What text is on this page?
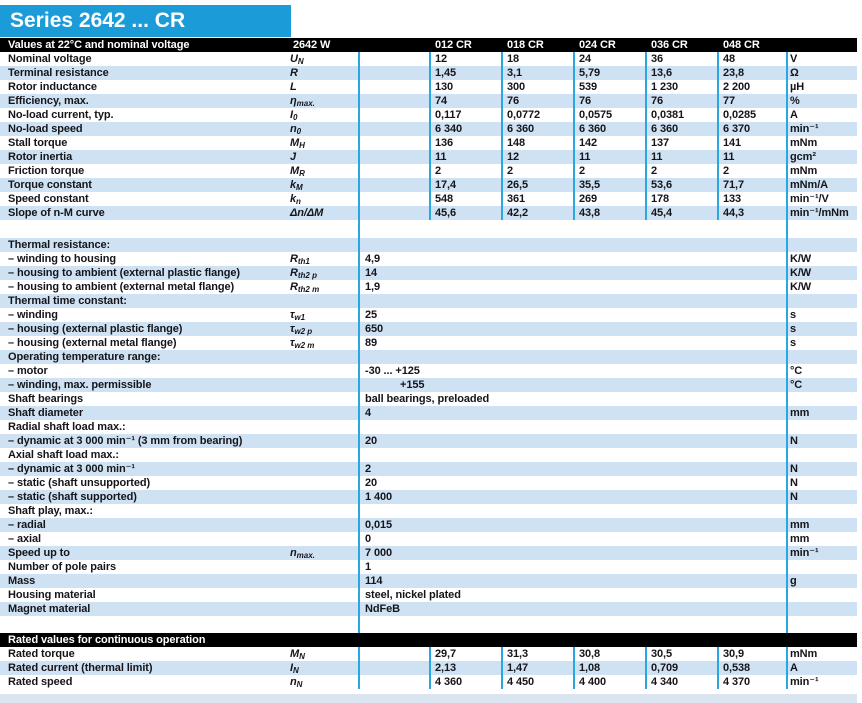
Series 2642 ... CR
Values at 22°C and nominal voltage	2642 W	012 CR	018 CR	024 CR	036 CR	048 CR
Nominal voltage	$U_N$	12	18	24	36	48	V
Terminal resistance	R	1,45	3,1	5,79	13,6	23,8	Ω
Rotor inductance	L	130	300	539	1 230	2 200	µH
Efficiency, max.	$\eta_{max.}$	74	76	76	76	77	%
No-load current, typ.	$I_0$	0,117	0,0772	0,0575	0,0381	0,0285	A
No-load speed	$n_0$	6 340	6 360	6 360	6 360	6 370	min⁻¹
Stall torque	$M_H$	136	148	142	137	141	mNm
Rotor inertia	J	11	12	11	11	11	gcm²
Friction torque	$M_R$	2	2	2	2	2	mNm
Torque constant	$k_M$	17,4	26,5	35,5	53,6	71,7	mNm/A
Speed constant	$k_n$	548	361	269	178	133	min⁻¹/V
Slope of n-M curve	Δn/ΔM	45,6	42,2	43,8	45,4	44,3	min⁻¹/mNm
Thermal resistance:
– winding to housing	$R_{th1}$	4,9	K/W
– housing to ambient (external plastic flange)	$R_{th2 p}$	14	K/W
– housing to ambient (external metal flange)	$R_{th2 m}$	1,9	K/W
Thermal time constant:
– winding	$\tau_{w1}$	25	s
– housing (external plastic flange)	$\tau_{w2 p}$	650	s
– housing (external metal flange)	$\tau_{w2 m}$	89	s
Operating temperature range:
– motor	-30 ... +125	°C
– winding, max. permissible	+155	°C
Shaft bearings	ball bearings, preloaded
Shaft diameter	4	mm
Radial shaft load max.:
– dynamic at 3 000 min⁻¹ (3 mm from bearing)	20	N
Axial shaft load max.:
– dynamic at 3 000 min⁻¹	2	N
– static (shaft unsupported)	20	N
– static (shaft supported)	1 400	N
Shaft play, max.:
– radial	0,015	mm
– axial	0	mm
Speed up to	$n_{max.}$	7 000	min⁻¹
Number of pole pairs	1
Mass	114	g
Housing material	steel, nickel plated
Magnet material	NdFeB
Rated values for continuous operation
Rated torque	$M_N$	29,7	31,3	30,8	30,5	30,9	mNm
Rated current (thermal limit)	$I_N$	2,13	1,47	1,08	0,709	0,538	A
Rated speed	$n_N$	4 360	4 450	4 400	4 340	4 370	min⁻¹
